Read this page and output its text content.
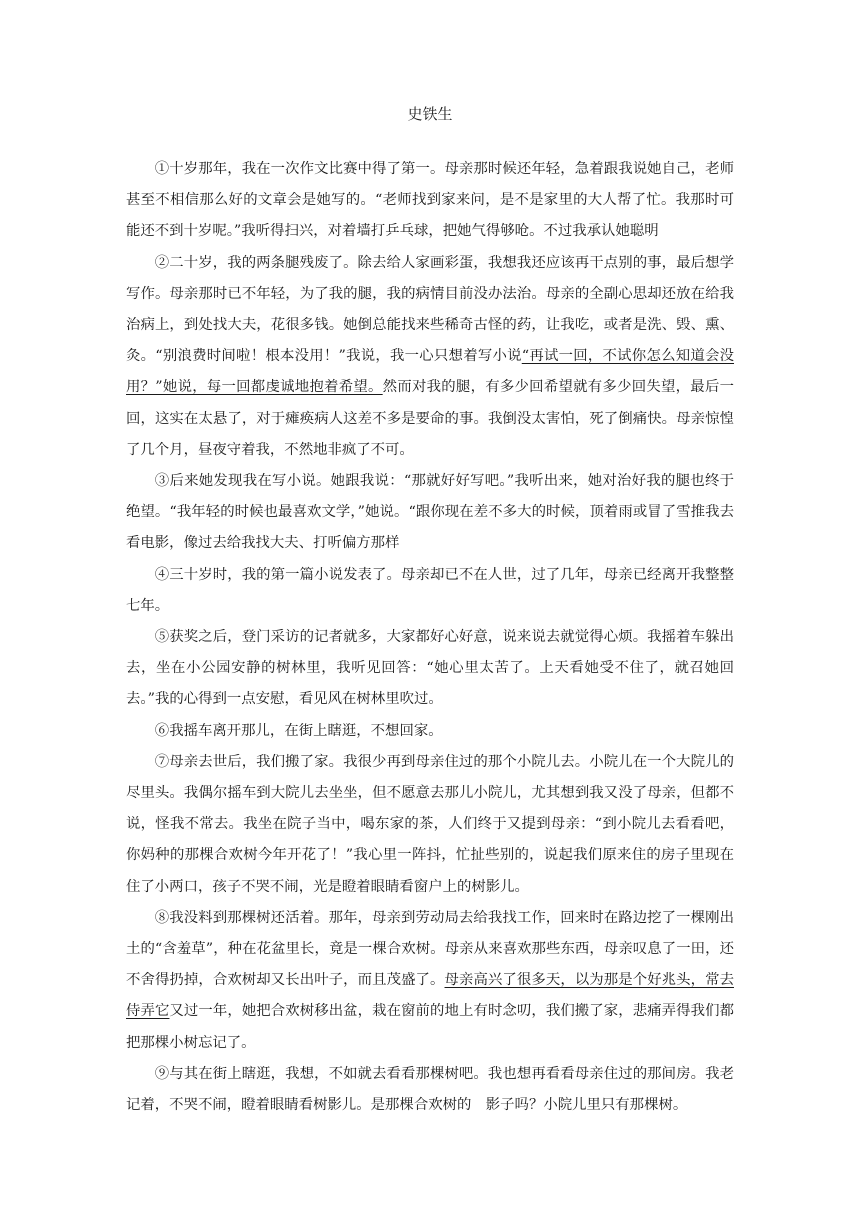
史铁生

①十岁那年，我在一次作文比赛中得了第一。母亲那时候还年轻，急着跟我说她自己，老师甚至不相信那么好的文章会是她写的。“老师找到家来问，是不是家里的大人帮了忙。我那时可能还不到十岁呢。”我听得扫兴，对着墙打乒乓球，把她气得够呛。不过我承认她聪明

②二十岁，我的两条腿残废了。除去给人家画彩蛋，我想我还应该再干点别的事，最后想学写作。母亲那时已不年轻，为了我的腿，我的病情目前没办法治。母亲的全副心思却还放在给我治病上，到处找大夫，花很多钱。她倒总能找来些稀奇古怪的药，让我吃，或者是洗、毁、熏、灸。“别浪费时间啦！根本没用！”我说，我一心只想着写小说“再试一回，不试你怎么知道会没用？”她说，每一回都虔诚地抱着希望。然而对我的腿，有多少回希望就有多少回失望，最后一回，这实在太悬了，对于瘫痪病人这差不多是要命的事。我倒没太害怕，死了倒痛快。母亲惊惶了几个月，昼夜守着我，不然地非疯了不可。

③后来她发现我在写小说。她跟我说：“那就好好写吧。”我听出来，她对治好我的腿也终于绝望。“我年轻的时候也最喜欢文学，”她说。“跟你现在差不多大的时候，顶着雨或冒了雪推我去看电影，像过去给我找大夫、打听偏方那样

④三十岁时，我的第一篇小说发表了。母亲却已不在人世，过了几年，母亲已经离开我整整七年。

⑤获奖之后，登门采访的记者就多，大家都好心好意，说来说去就觉得心烦。我摇着车躲出去，坐在小公园安静的树林里，我听见回答：“她心里太苦了。上天看她受不住了，就召她回去。”我的心得到一点安慰，看见风在树林里吹过。

⑥我摇车离开那儿，在街上瞎逛，不想回家。

⑦母亲去世后，我们搬了家。我很少再到母亲住过的那个小院儿去。小院儿在一个大院儿的尽里头。我偶尔摇车到大院儿去坐坐，但不愿意去那儿小院儿，尤其想到我又没了母亲，但都不说，怪我不常去。我坐在院子当中，喝东家的茶，人们终于又提到母亲：“到小院儿去看看吧，你妈种的那棵合欢树今年开花了！”我心里一阵抖，忙扯些别的，说起我们原来住的房子里现在住了小两口，孩子不哭不闹，光是瞪着眼睛看窗户上的树影儿。

⑧我没料到那棵树还活着。那年，母亲到劳动局去给我找工作，回来时在路边挖了一棵刚出土的“含羞草”，种在花盆里长，竟是一棵合欢树。母亲从来喜欢那些东西，母亲叹息了一田，还不舍得扔掉，合欢树却又长出叶子，而且茂盛了。母亲高兴了很多天，以为那是个好兆头，常去侍弄它又过一年，她把合欢树移出盆，栽在窗前的地上有时念叨，我们搬了家，悲痛弄得我们都把那棵小树忘记了。

⑨与其在街上瞎逛，我想，不如就去看看那棵树吧。我也想再看看母亲住过的那间房。我老记着，不哭不闹，瞪着眼睛看树影儿。是那棵合欢树的　影子吗？小院儿里只有那棵树。
